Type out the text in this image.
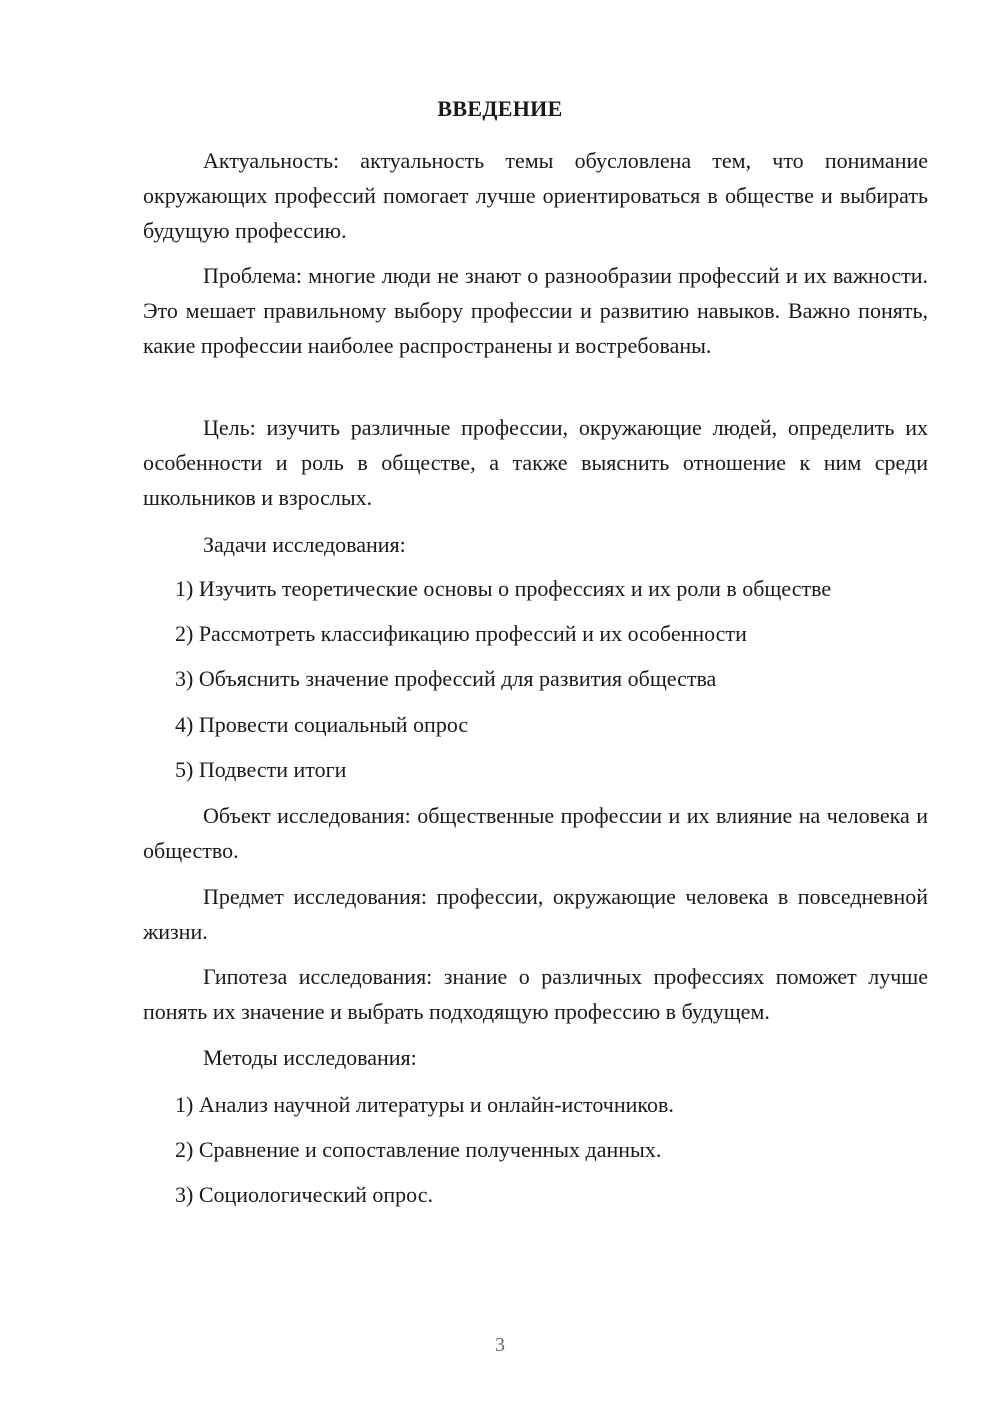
ВВЕДЕНИЕ

Актуальность: актуальность темы обусловлена тем, что понимание окружающих профессий помогает лучше ориентироваться в обществе и выбирать будущую профессию.

Проблема: многие люди не знают о разнообразии профессий и их важности. Это мешает правильному выбору профессии и развитию навыков. Важно понять, какие профессии наиболее распространены и востребованы.

Цель: изучить различные профессии, окружающие людей, определить их особенности и роль в обществе, а также выяснить отношение к ним среди школьников и взрослых.

Задачи исследования:

1) Изучить теоретические основы о профессиях и их роли в обществе

2) Рассмотреть классификацию профессий и их особенности

3) Объяснить значение профессий для развития общества

4) Провести социальный опрос

5) Подвести итоги

Объект исследования: общественные профессии и их влияние на человека и общество.

Предмет исследования: профессии, окружающие человека в повседневной жизни.

Гипотеза исследования: знание о различных профессиях поможет лучше понять их значение и выбрать подходящую профессию в будущем.

Методы исследования:

1) Анализ научной литературы и онлайн-источников.

2) Сравнение и сопоставление полученных данных.

3) Социологический опрос.

3
